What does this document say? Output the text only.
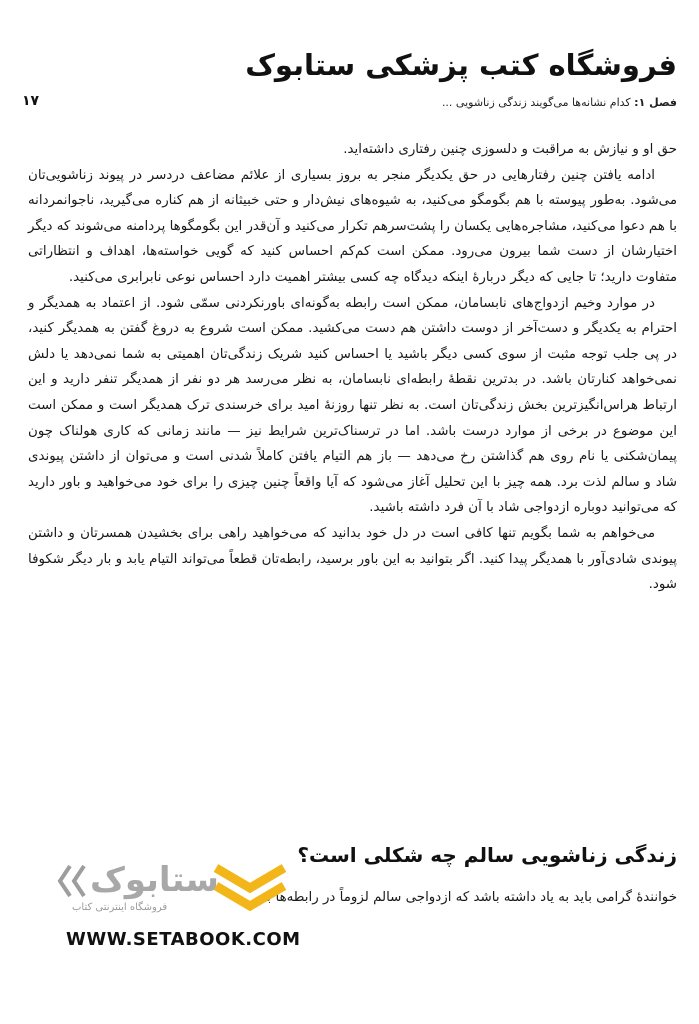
فروشگاه کتب پزشکی ستابوک
فصل ۱: کدام نشانه‌ها می‌گویند زندگی زناشویی ...
۱۷

حق او و نیازش به مراقبت و دلسوزی چنین رفتاری داشته‌اید.

ادامه یافتن چنین رفتارهایی در حق یکدیگر منجر به بروز بسیاری از علائم مضاعف دردسر در پیوند زناشویی‌تان می‌شود. به‌طور پیوسته با هم بگومگو می‌کنید، به شیوه‌های نیش‌دار و حتی خبیثانه از هم کناره می‌گیرید، ناجوانمردانه با هم دعوا می‌کنید، مشاجره‌هایی یکسان را پشت‌سرهم تکرار می‌کنید و آن‌قدر این بگومگوها پردامنه می‌شوند که دیگر اختیارشان از دست شما بیرون می‌رود. ممکن است کم‌کم احساس کنید که گویی خواسته‌ها، اهداف و انتظاراتی متفاوت دارید؛ تا جایی که دیگر دربارهٔ اینکه دیدگاه چه کسی بیشتر اهمیت دارد احساس نوعی نابرابری می‌کنید.

در موارد وخیم ازدواج‌های نابسامان، ممکن است رابطه به‌گونه‌ای باورنکردنی سمّی شود. از اعتماد به همدیگر و احترام به یکدیگر و دست‌آخر از دوست داشتن هم دست می‌کشید. ممکن است شروع به دروغ گفتن به همدیگر کنید، در پی جلب توجه مثبت از سوی کسی دیگر باشید یا احساس کنید شریک زندگی‌تان اهمیتی به شما نمی‌دهد یا دلش نمی‌خواهد کنارتان باشد. در بدترین نقطهٔ رابطه‌ای نابسامان، به نظر می‌رسد هر دو نفر از همدیگر تنفر دارید و این ارتباط هراس‌انگیزترین بخش زندگی‌تان است. به نظر تنها روزنهٔ امید برای خرسندی ترک همدیگر است و ممکن است این موضوع در برخی از موارد درست باشد. اما در ترسناک‌ترین شرایط نیز — مانند زمانی که کاری هولناک چون پیمان‌شکنی یا نام روی هم گذاشتن رخ می‌دهد — باز هم التیام یافتن کاملاً شدنی است و می‌توان از داشتن پیوندی شاد و سالم لذت برد. همه چیز با این تحلیل آغاز می‌شود که آیا واقعاً چنین چیزی را برای خود می‌خواهید و باور دارید که می‌توانید دوباره ازدواجی شاد با آن فرد داشته باشید.

می‌خواهم به شما بگویم تنها کافی است در دل خود بدانید که می‌خواهید راهی برای بخشیدن همسرتان و داشتن پیوندی شادی‌آور با همدیگر پیدا کنید. اگر بتوانید به این باور برسید، رابطه‌تان قطعاً می‌تواند التیام یابد و بار دیگر شکوفا شود.

زندگی زناشویی سالم چه شکلی است؟
خوانندهٔ گرامی باید به یاد داشته باشد که ازدواجی سالم لزوماً در رابطه‌ها به
ستابوک
فروشگاه اینترنتی کتاب
WWW.SETABOOK.COM
